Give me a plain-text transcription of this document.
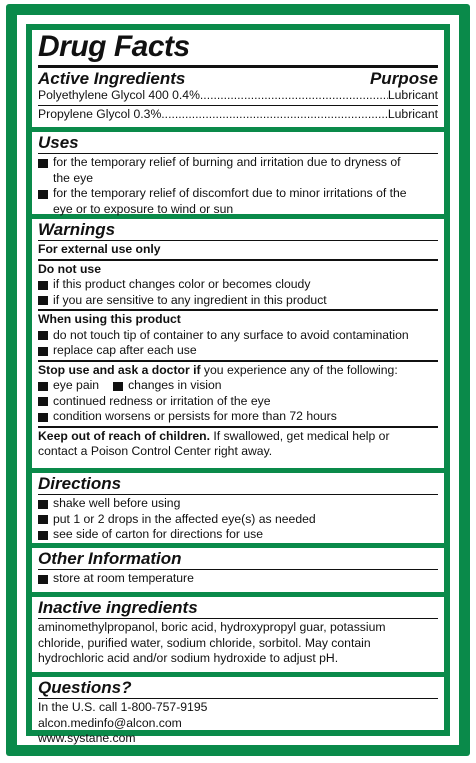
Drug Facts
Active Ingredients	Purpose
Polyethylene Glycol 400 0.4% .....	Lubricant
Propylene Glycol 0.3% .....	Lubricant
Uses
for the temporary relief of burning and irritation due to dryness of
the eye
for the temporary relief of discomfort due to minor irritations of the
eye or to exposure to wind or sun
Warnings
For external use only
Do not use
if this product changes color or becomes cloudy
if you are sensitive to any ingredient in this product
When using this product
do not touch tip of container to any surface to avoid contamination
replace cap after each use
Stop use and ask a doctor if you experience any of the following:
eye pain changes in vision
continued redness or irritation of the eye
condition worsens or persists for more than 72 hours
Keep out of reach of children. If swallowed, get medical help or
contact a Poison Control Center right away.
Directions
shake well before using
put 1 or 2 drops in the affected eye(s) as needed
see side of carton for directions for use
Other Information
store at room temperature
Inactive ingredients
aminomethylpropanol, boric acid, hydroxypropyl guar, potassium
chloride, purified water, sodium chloride, sorbitol. May contain
hydrochloric acid and/or sodium hydroxide to adjust pH.
Questions?
In the U.S. call 1-800-757-9195
alcon.medinfo@alcon.com
www.systane.com
